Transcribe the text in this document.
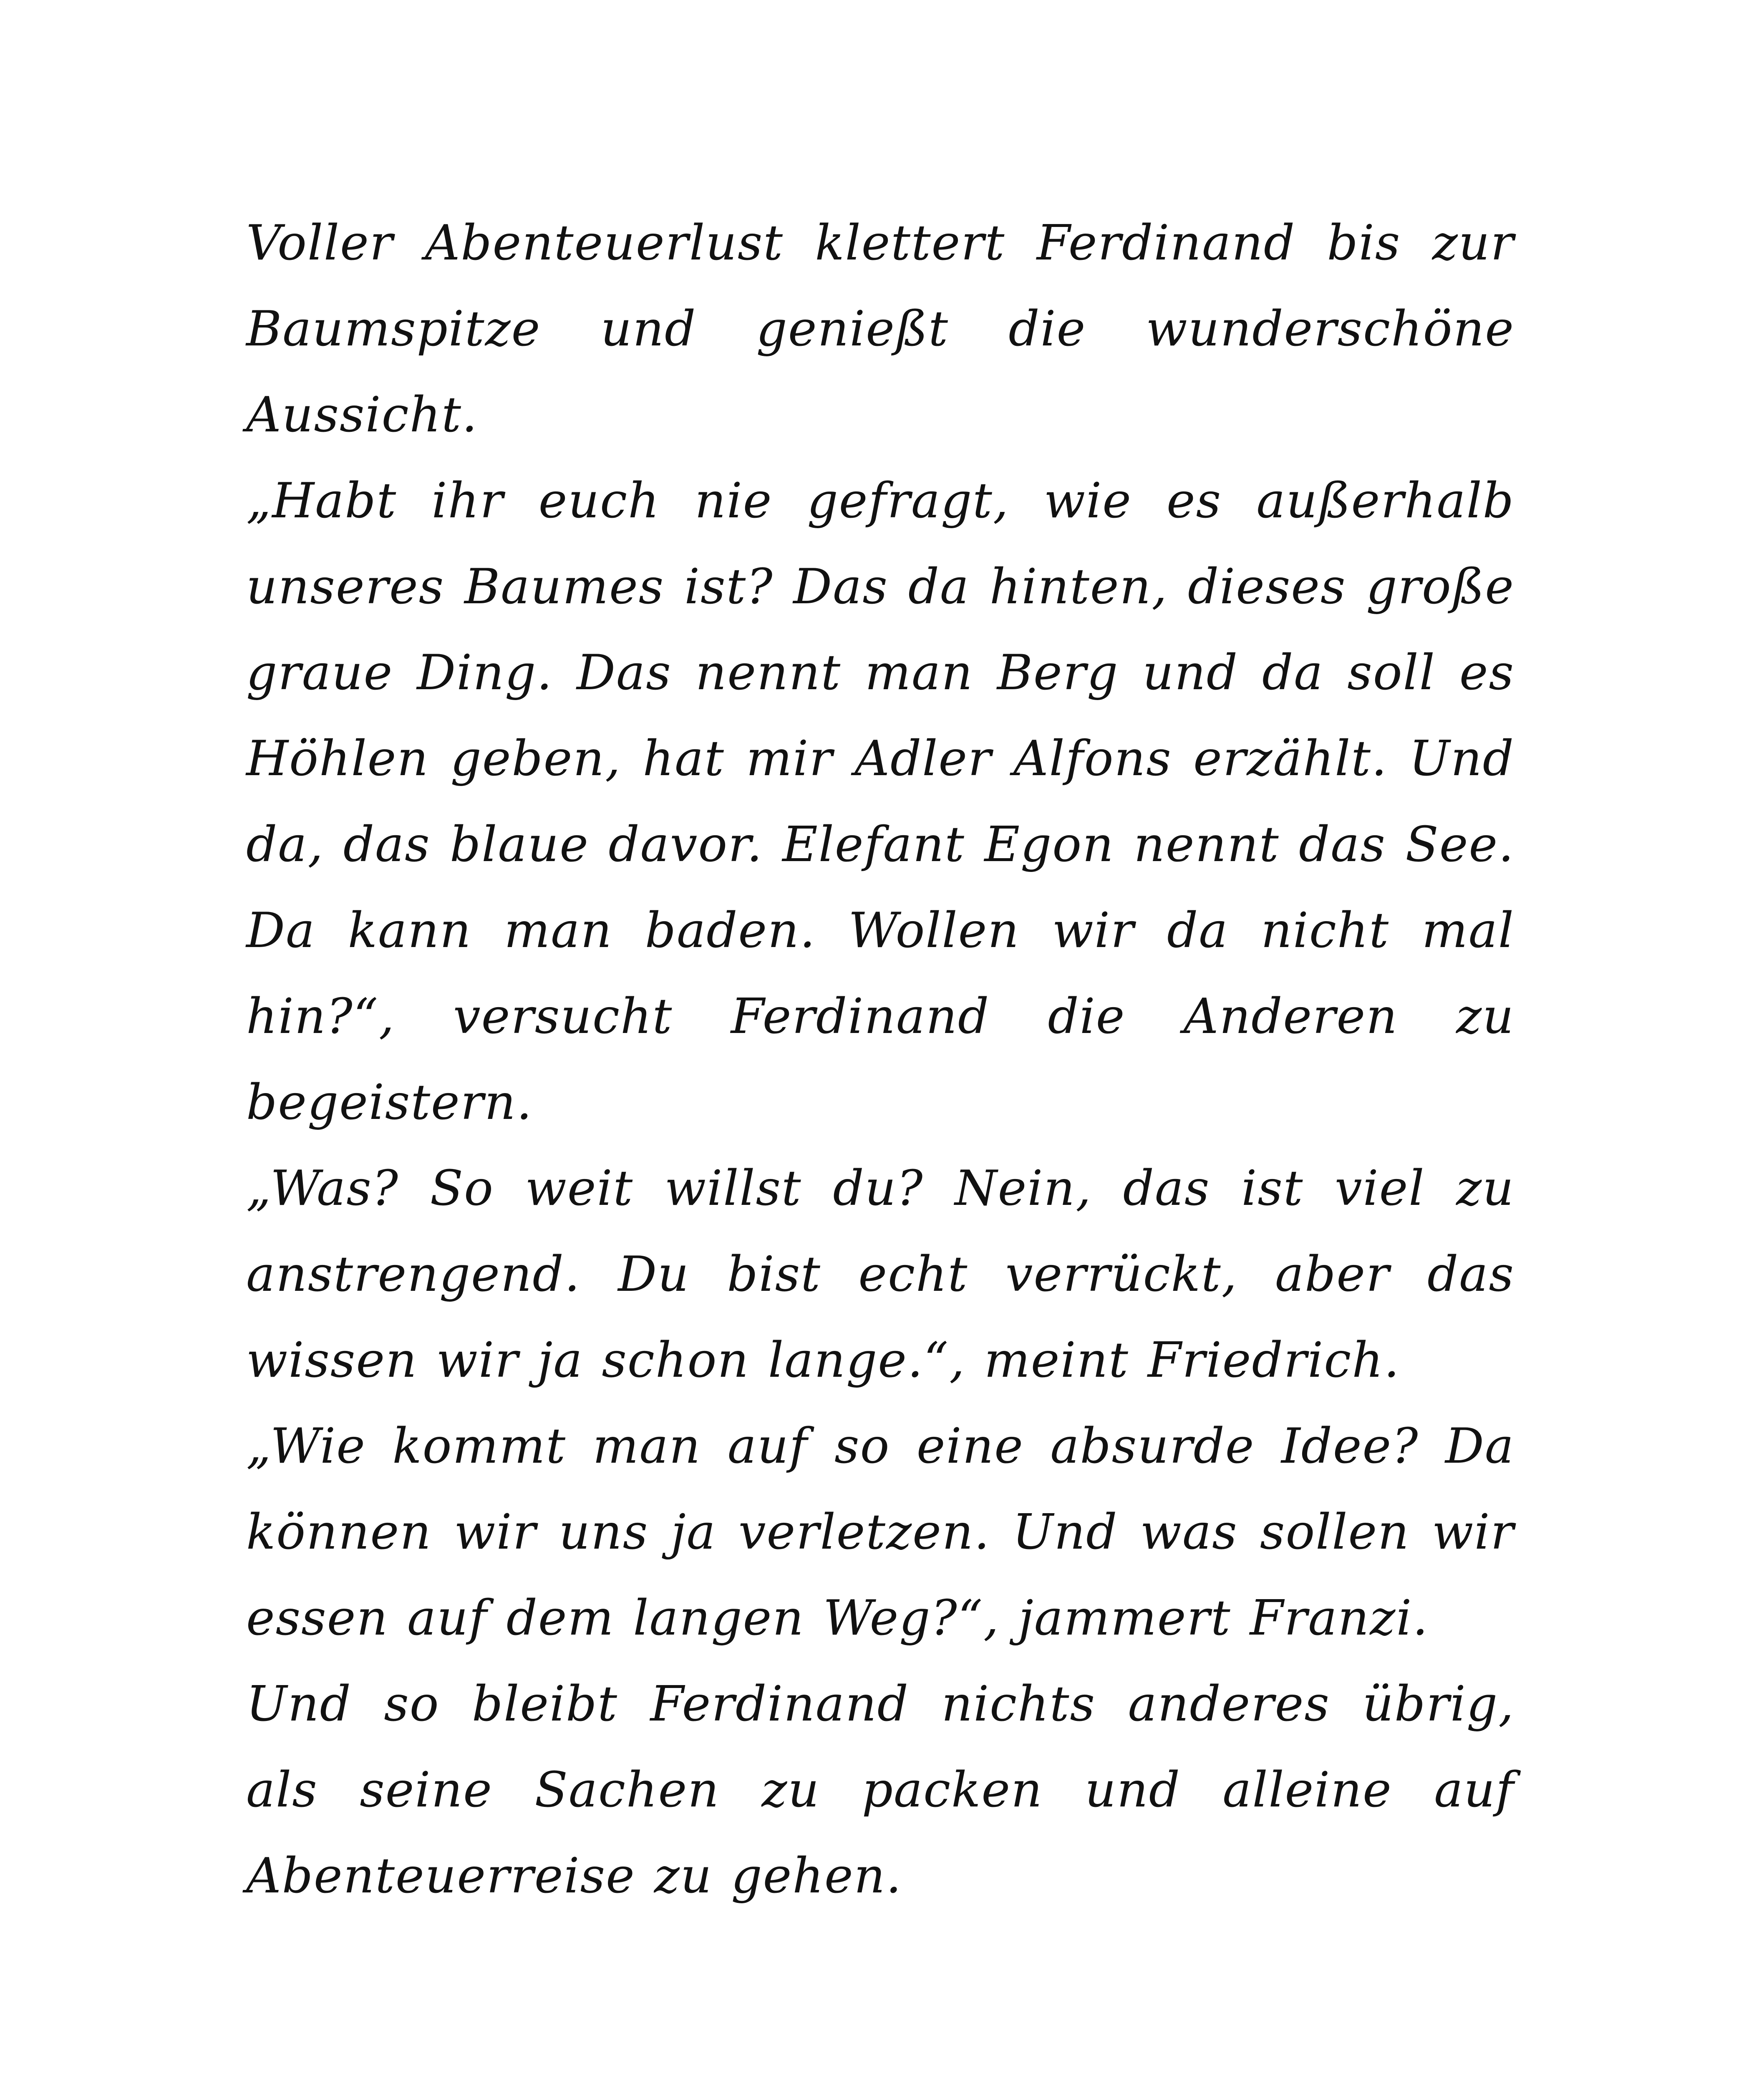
Voller Abenteuerlust klettert Ferdinand bis zur Baumspitze und genießt die wunderschöne Aussicht.

„Habt ihr euch nie gefragt, wie es außerhalb unseres Baumes ist? Das da hinten, dieses große graue Ding. Das nennt man Berg und da soll es Höhlen geben, hat mir Adler Alfons erzählt. Und da, das blaue davor. Elefant Egon nennt das See. Da kann man baden. Wollen wir da nicht mal hin?“, versucht Ferdinand die Anderen zu begeistern.

„Was? So weit willst du? Nein, das ist viel zu anstrengend. Du bist echt verrückt, aber das wissen wir ja schon lange.“, meint Friedrich.

„Wie kommt man auf so eine absurde Idee? Da können wir uns ja verletzen. Und was sollen wir essen auf dem langen Weg?“, jammert Franzi.

Und so bleibt Ferdinand nichts anderes übrig, als seine Sachen zu packen und alleine auf Abenteuerreise zu gehen.
